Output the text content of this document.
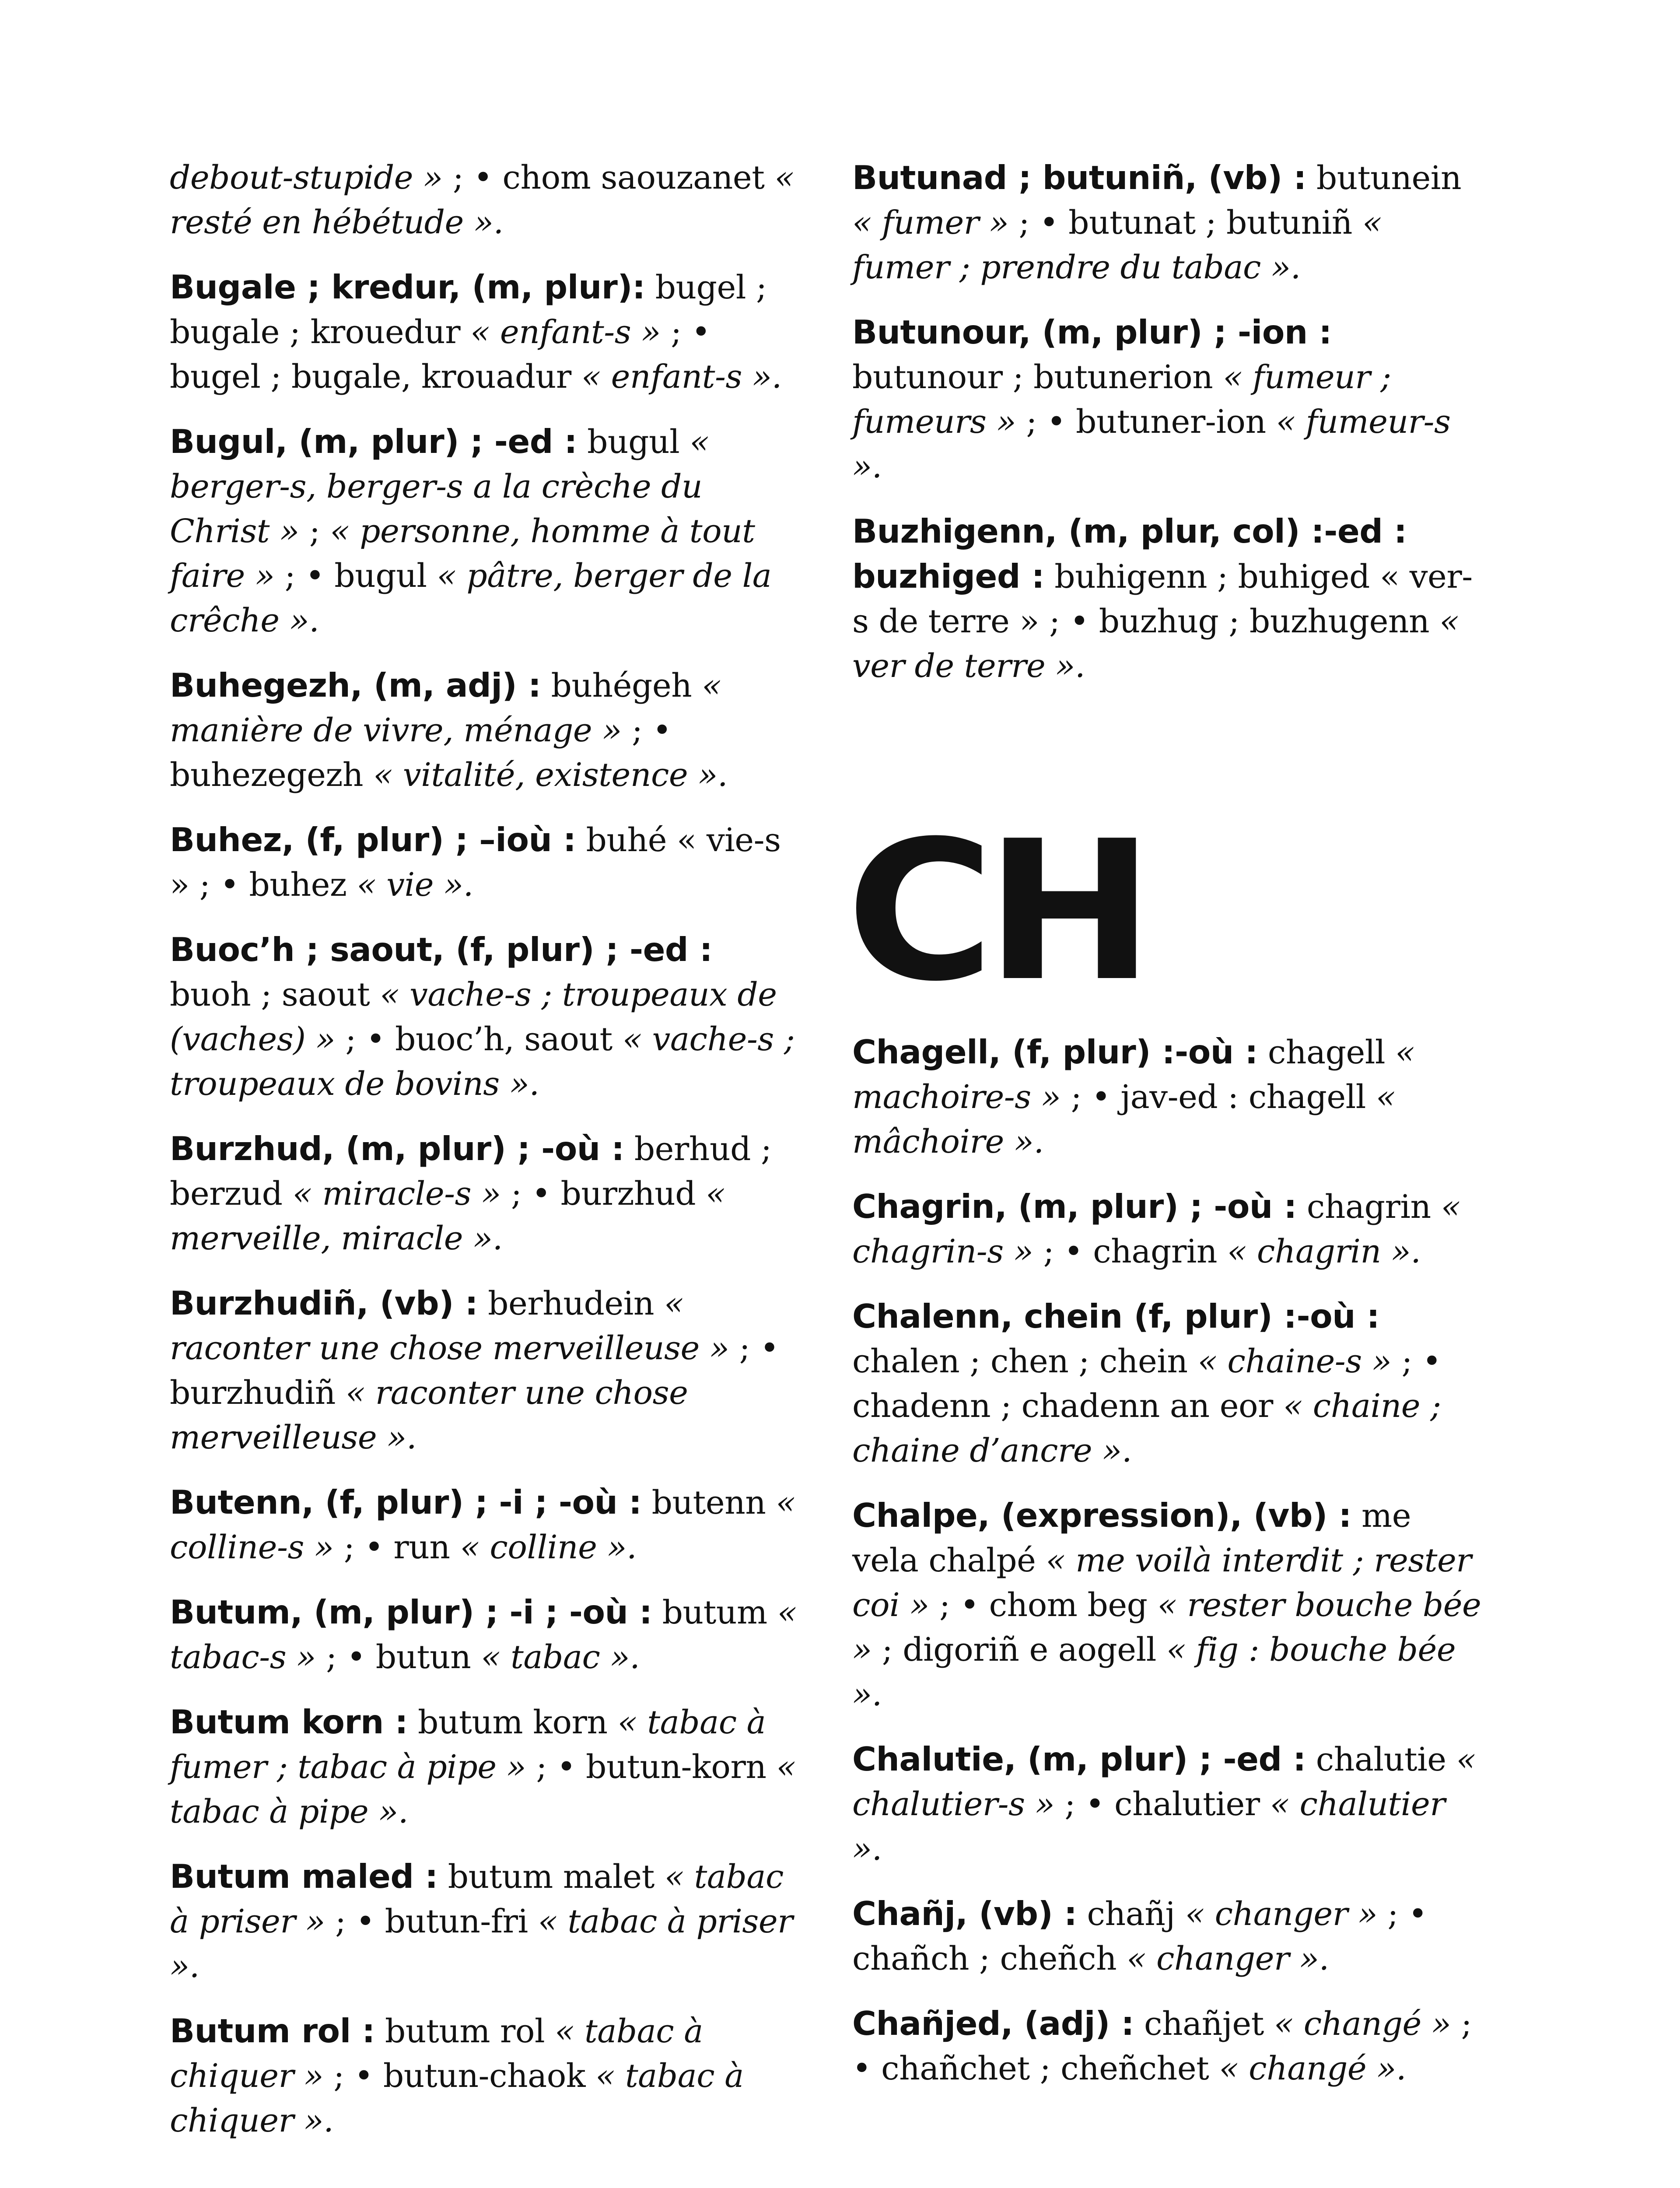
debout-stupide » ; • chom saouzanet « resté en hébétude ».
Bugale ; kredur, (m, plur): bugel ; bugale ; krouedur « enfant-s » ; • bugel ; bugale, krouadur « enfant-s ».
Bugul, (m, plur) ; -ed : bugul « berger-s, berger-s a la crèche du Christ » ; « personne, homme à tout faire » ; • bugul « pâtre, berger de la crêche ».
Buhegezh, (m, adj) : buhégeh « manière de vivre, ménage » ; • buhezegezh « vitalité, existence ».
Buhez, (f, plur) ; –ioù : buhé « vie-s » ; • buhez « vie ».
Buoc’h ; saout, (f, plur) ; -ed : buoh ; saout « vache-s ; troupeaux de (vaches) » ; • buoc’h, saout « vache-s ; troupeaux de bovins ».
Burzhud, (m, plur) ; -où : berhud ; berzud « miracle-s » ; • burzhud « merveille, miracle ».
Burzhudiñ, (vb) : berhudein « raconter une chose merveilleuse » ; • burzhudiñ « raconter une chose merveilleuse ».
Butenn, (f, plur) ; -i ; -où : butenn « colline-s » ; • run « colline ».
Butum, (m, plur) ; -i ; -où : butum « tabac-s » ; • butun « tabac ».
Butum korn : butum korn « tabac à fumer ; tabac à pipe » ; • butun-korn « tabac à pipe ».
Butum maled : butum malet « tabac à priser » ; • butun-fri « tabac à priser ».
Butum rol : butum rol « tabac à chiquer » ; • butun-chaok « tabac à chiquer ».
Butunad ; butuniñ, (vb) : butunein « fumer » ; • butunat ; butuniñ « fumer ; prendre du tabac ».
Butunour, (m, plur) ; -ion : butunour ; butunerion « fumeur ; fumeurs » ; • butuner-ion « fumeur-s ».
Buzhigenn, (m, plur, col) :-ed : buzhiged : buhigenn ; buhiged « ver-s de terre » ; • buzhug ; buzhugenn « ver de terre ».
CH
Chagell, (f, plur) :-où : chagell « machoire-s » ; • jav-ed : chagell « mâchoire ».
Chagrin, (m, plur) ; -où : chagrin « chagrin-s » ; • chagrin « chagrin ».
Chalenn, chein (f, plur) :-où : chalen ; chen ; chein « chaine-s » ; • chadenn ; chadenn an eor « chaine ; chaine d’ancre ».
Chalpe, (expression), (vb) : me vela chalpé « me voilà interdit ; rester coi » ; • chom beg « rester bouche bée » ; digoriñ e aogell « fig : bouche bée ».
Chalutie, (m, plur) ; -ed : chalutie « chalutier-s » ; • chalutier « chalutier ».
Chañj, (vb) : chañj « changer » ; • chañch ; cheñch « changer ».
Chañjed, (adj) : chañjet « changé » ; • chañchet ; cheñchet « changé ».
